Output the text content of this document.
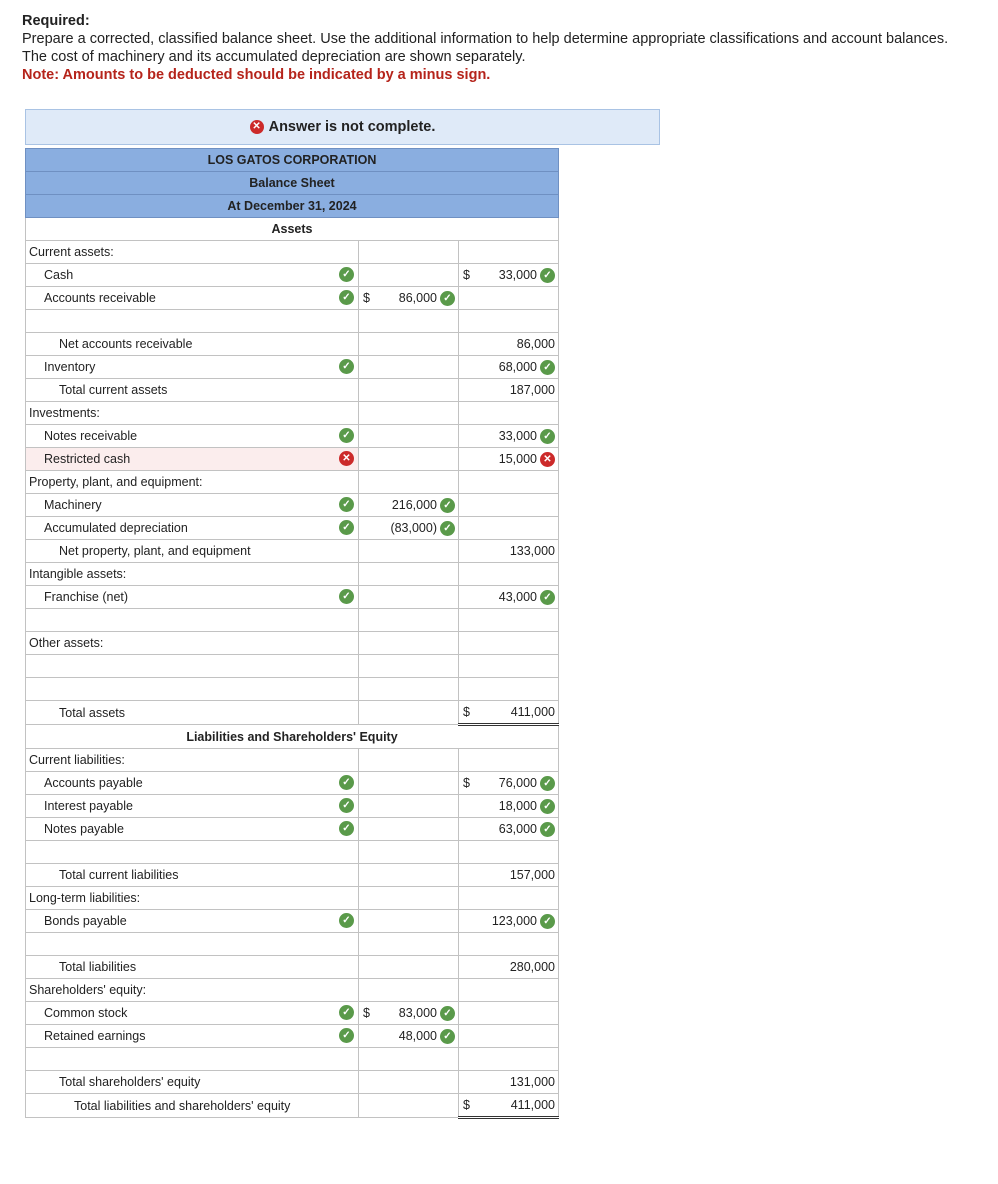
Required:
Prepare a corrected, classified balance sheet. Use the additional information to help determine appropriate classifications and account balances. The cost of machinery and its accumulated depreciation are shown separately.
Note: Amounts to be deducted should be indicated by a minus sign.
✕ Answer is not complete.
LOS GATOS CORPORATION		
Balance Sheet		
At December 31, 2024		
Assets		
Current assets:		
Cash ✓		$ 33,000 ✓

Accounts receivable ✓	$ 86,000 ✓	

Net accounts receivable		86,000

Inventory ✓		68,000 ✓

Total current assets		187,000

Investments:		
Notes receivable ✓		33,000 ✓

Restricted cash ✕		15,000 ✕

Property, plant, and equipment:		
Machinery ✓	216,000 ✓	

Accumulated depreciation ✓	(83,000) ✓	

Net property, plant, and equipment		133,000

Intangible assets:		
Franchise (net) ✓		43,000 ✓

Other assets:		

Total assets		$ 411,000

Liabilities and Shareholders' Equity		
Current liabilities:		
Accounts payable ✓		$ 76,000 ✓

Interest payable ✓		18,000 ✓

Notes payable ✓		63,000 ✓

Total current liabilities		157,000

Long-term liabilities:		
Bonds payable ✓		123,000 ✓

Total liabilities		280,000

Shareholders' equity:		
Common stock ✓	$ 83,000 ✓	

Retained earnings ✓	48,000 ✓	

Total shareholders' equity		131,000

Total liabilities and shareholders' equity		$ 411,000
